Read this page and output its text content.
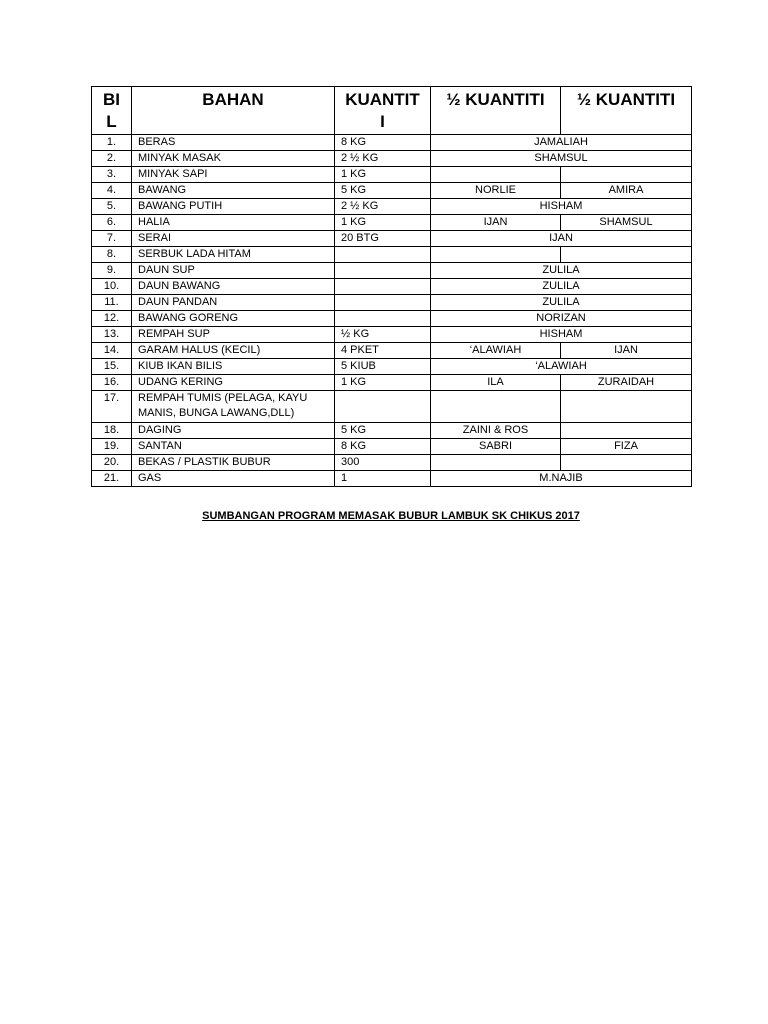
BI L	BAHAN	KUANTIT I	½ KUANTITI	½ KUANTITI
1.	BERAS	8 KG	JAMALIAH	
2.	MINYAK MASAK	2 ½ KG	SHAMSUL	
3.	MINYAK SAPI	1 KG		
4.	BAWANG	5 KG	NORLIE	AMIRA
5.	BAWANG PUTIH	2 ½ KG	HISHAM	
6.	HALIA	1 KG	IJAN	SHAMSUL
7.	SERAI	20 BTG	IJAN	
8.	SERBUK LADA HITAM			
9.	DAUN SUP		ZULILA	
10.	DAUN BAWANG		ZULILA	
11.	DAUN PANDAN		ZULILA	
12.	BAWANG GORENG		NORIZAN	
13.	REMPAH SUP	½ KG	HISHAM	
14.	GARAM HALUS (KECIL)	4 PKET	‘ALAWIAH	IJAN
15.	KIUB IKAN BILIS	5 KIUB	‘ALAWIAH	
16.	UDANG KERING	1 KG	ILA	ZURAIDAH
17.	REMPAH TUMIS (PELAGA, KAYU MANIS, BUNGA LAWANG,DLL)			
18.	DAGING	5 KG	ZAINI & ROS	
19.	SANTAN	8 KG	SABRI	FIZA
20.	BEKAS / PLASTIK BUBUR	300		
21.	GAS	1	M.NAJIB	
SUMBANGAN PROGRAM MEMASAK BUBUR LAMBUK SK CHIKUS 2017
